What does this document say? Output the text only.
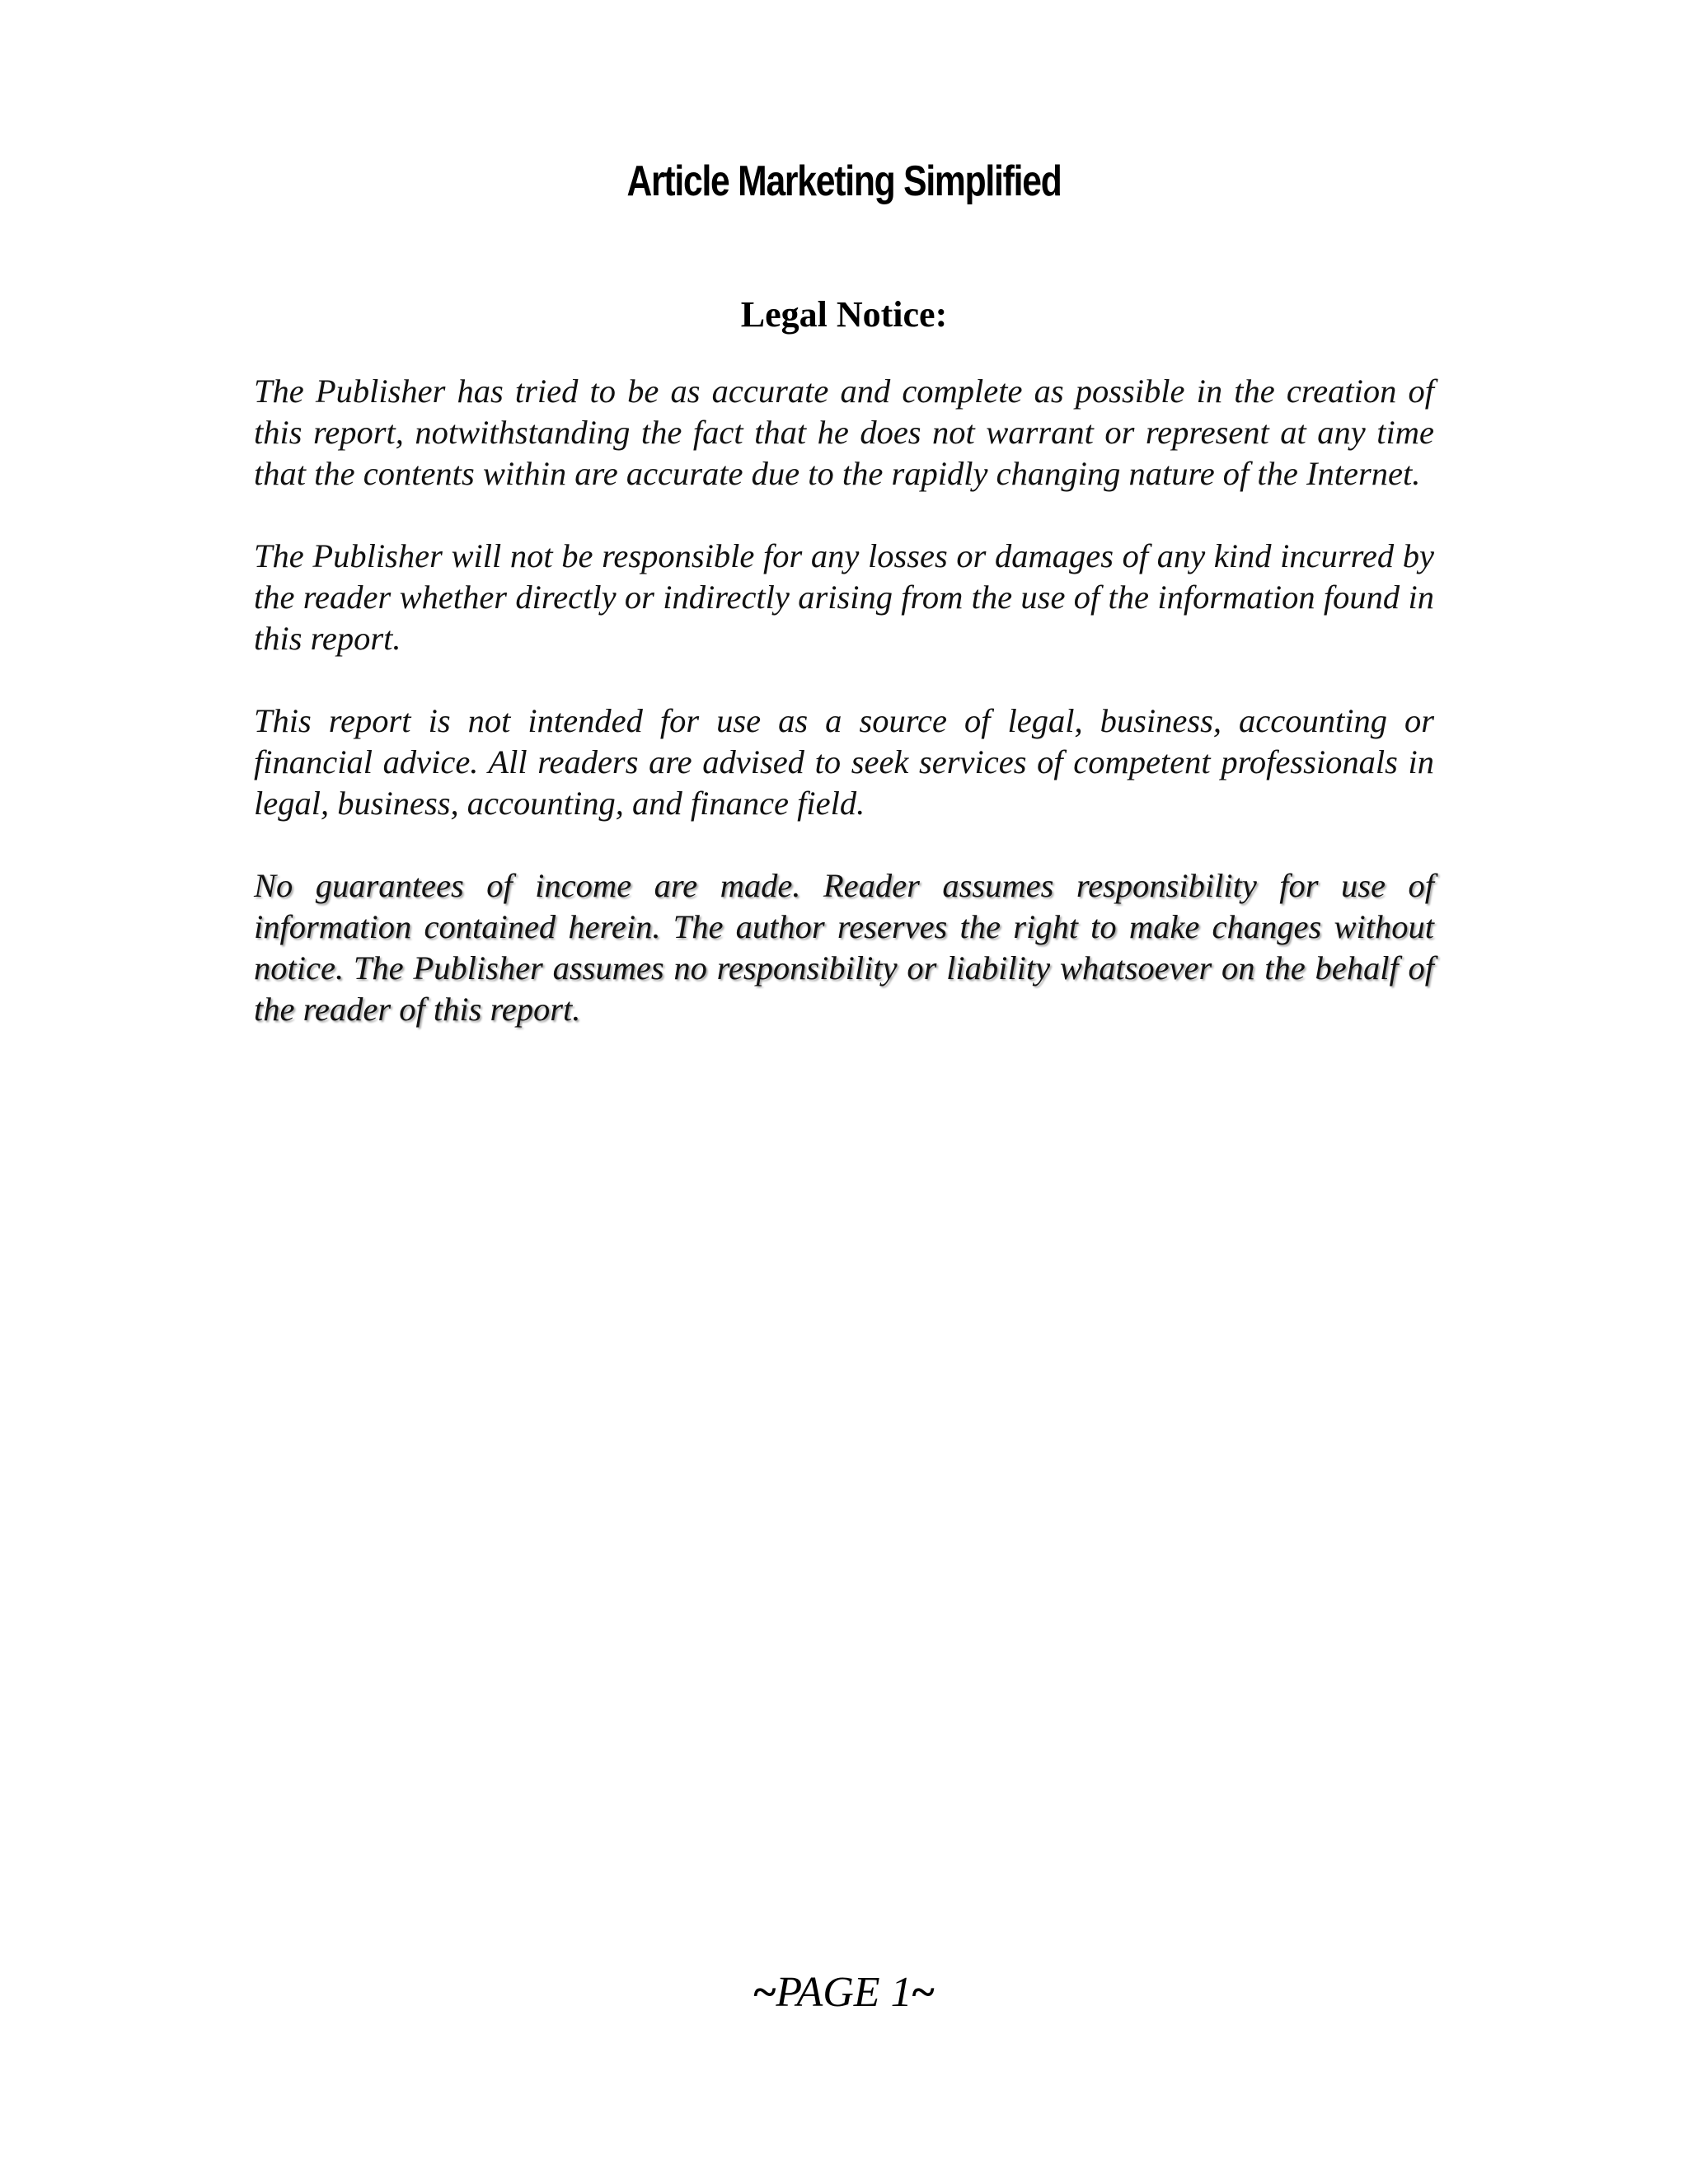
Article Marketing Simplified
Legal Notice:

The Publisher has tried to be as accurate and complete as possible in the creation of this report, notwithstanding the fact that he does not warrant or represent at any time that the contents within are accurate due to the rapidly changing nature of the Internet.

The Publisher will not be responsible for any losses or damages of any kind incurred by the reader whether directly or indirectly arising from the use of the information found in this report.

This report is not intended for use as a source of legal, business, accounting or financial advice. All readers are advised to seek services of competent professionals in legal, business, accounting, and finance field.

No guarantees of income are made. Reader assumes responsibility for use of information contained herein. The author reserves the right to make changes without notice. The Publisher assumes no responsibility or liability whatsoever on the behalf of the reader of this report.

~PAGE 1~
